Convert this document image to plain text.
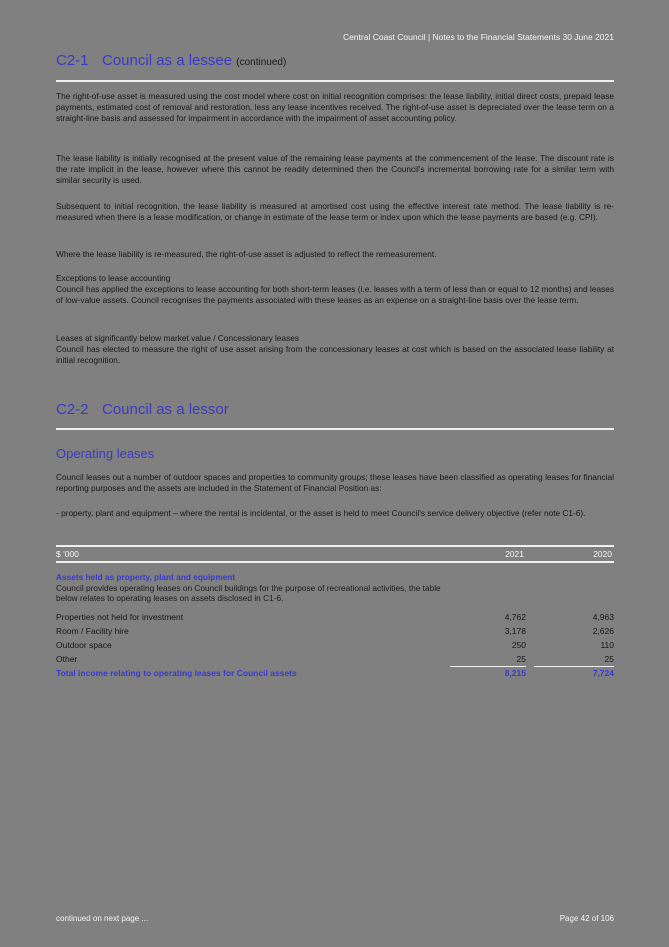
Central Coast Council | Notes to the Financial Statements 30 June 2021
C2-1 Council as a lessee (continued)
The right-of-use asset is measured using the cost model where cost on initial recognition comprises: the lease liability, initial direct costs, prepaid lease payments, estimated cost of removal and restoration, less any lease incentives received. The right-of-use asset is depreciated over the lease term on a straight-line basis and assessed for impairment in accordance with the impairment of asset accounting policy.
The lease liability is initially recognised at the present value of the remaining lease payments at the commencement of the lease. The discount rate is the rate implicit in the lease, however where this cannot be readily determined then the Council's incremental borrowing rate for a similar term with similar security is used.
Subsequent to initial recognition, the lease liability is measured at amortised cost using the effective interest rate method. The lease liability is re-measured when there is a lease modification, or change in estimate of the lease term or index upon which the lease payments are based (e.g. CPI).
Where the lease liability is re-measured, the right-of-use asset is adjusted to reflect the remeasurement.
Exceptions to lease accounting
Council has applied the exceptions to lease accounting for both short-term leases (i.e. leases with a term of less than or equal to 12 months) and leases of low-value assets. Council recognises the payments associated with these leases as an expense on a straight-line basis over the lease term.
Leases at significantly below market value / Concessionary leases
Council has elected to measure the right of use asset arising from the concessionary leases at cost which is based on the associated lease liability at initial recognition.
C2-2 Council as a lessor
Operating leases
Council leases out a number of outdoor spaces and properties to community groups; these leases have been classified as operating leases for financial reporting purposes and the assets are included in the Statement of Financial Position as:
- property, plant and equipment – where the rental is incidental, or the asset is held to meet Council's service delivery objective (refer note C1-6).
$ '000	2021	2020
Assets held as property, plant and equipment
Council provides operating leases on Council buildings for the purpose of recreational activities, the table below relates to operating leases on assets disclosed in C1-6.
Properties not held for investment	4,762	4,963
Room / Facility hire	3,178	2,626
Outdoor space	250	110
Other	25	25
Total income relating to operating leases for Council assets	8,215	7,724
continued on next page ...	Page 42 of 106
